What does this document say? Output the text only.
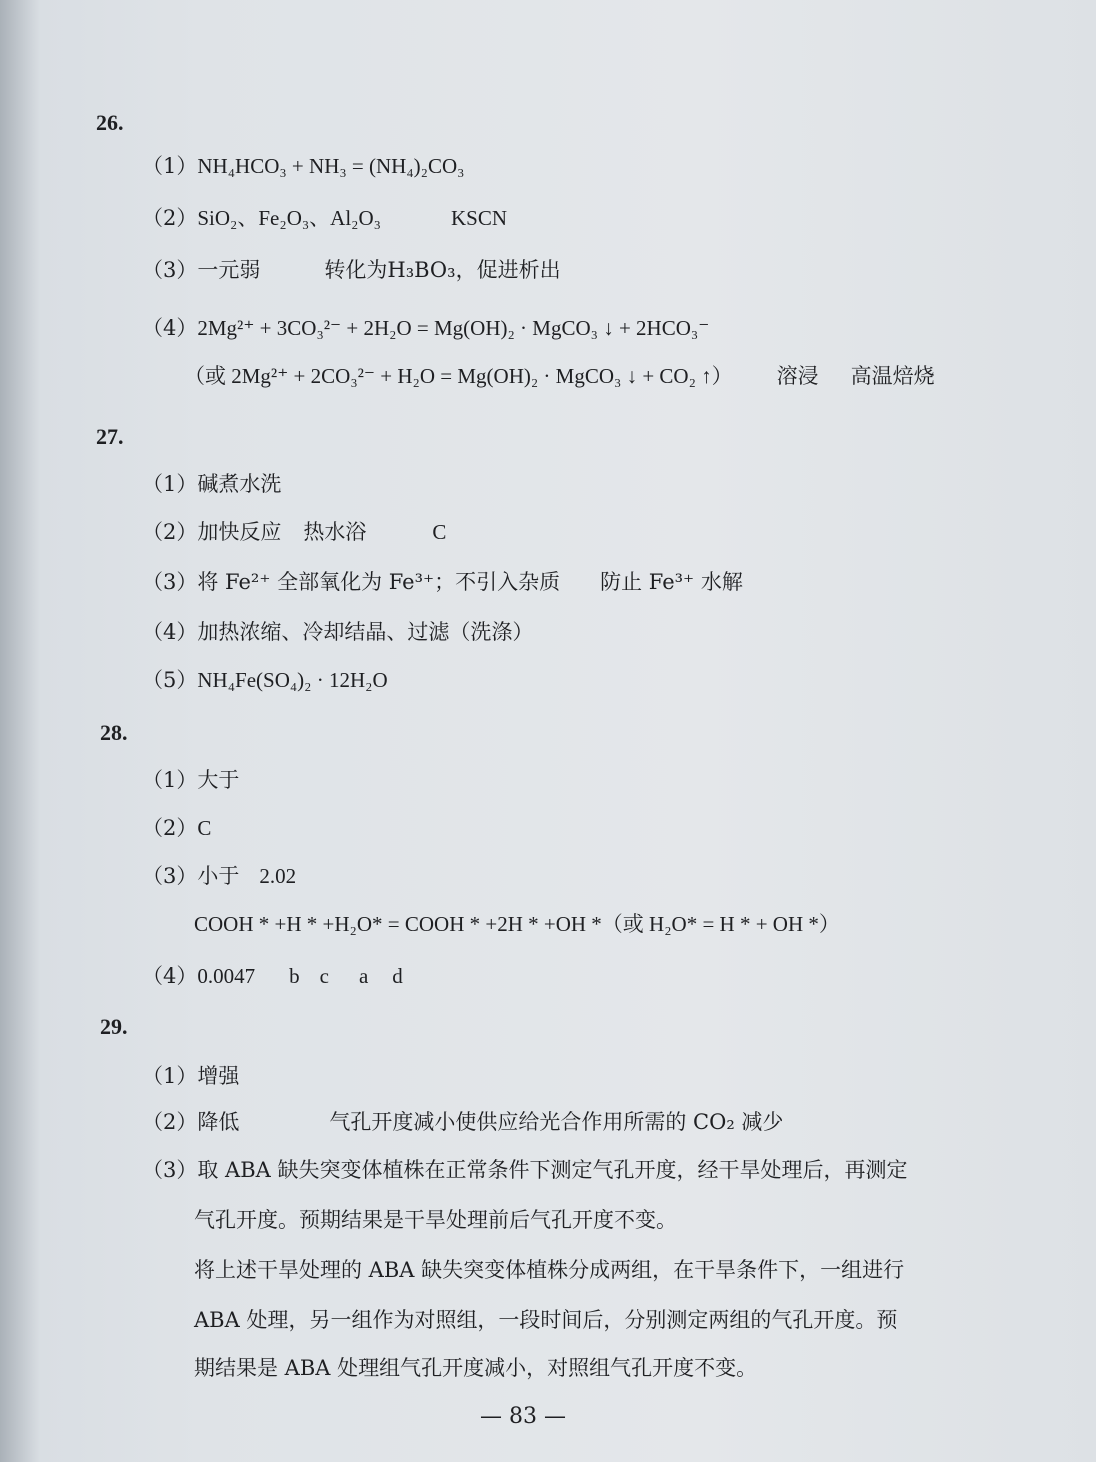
26.
（1）NH₄HCO₃ + NH₃ = (NH₄)₂CO₃
（2）SiO₂、Fe₂O₃、Al₂O₃	KSCN
（3）一元弱	转化为H₃BO₃，促进析出
（4）2Mg²⁺ + 3CO₃²⁻ + 2H₂O = Mg(OH)₂ · MgCO₃ ↓ + 2HCO₃⁻
（或 2Mg²⁺ + 2CO₃²⁻ + H₂O = Mg(OH)₂ · MgCO₃ ↓ + CO₂ ↑） 溶浸 高温焙烧
27.
（1）碱煮水洗
（2）加快反应 热水浴	C
（3）将 Fe²⁺ 全部氧化为 Fe³⁺；不引入杂质 防止 Fe³⁺ 水解
（4）加热浓缩、冷却结晶、过滤（洗涤）
（5）NH₄Fe(SO₄)₂ · 12H₂O
28.
（1）大于
（2）C
（3）小于 2.02
COOH * +H * +H₂O* = COOH * +2H * +OH *（或 H₂O* = H * + OH *）
（4）0.0047 b c a d
29.
（1）增强
（2）降低	气孔开度减小使供应给光合作用所需的 CO₂ 减少
（3）取 ABA 缺失突变体植株在正常条件下测定气孔开度，经干旱处理后，再测定
气孔开度。预期结果是干旱处理前后气孔开度不变。
将上述干旱处理的 ABA 缺失突变体植株分成两组，在干旱条件下，一组进行
ABA 处理，另一组作为对照组，一段时间后，分别测定两组的气孔开度。预
期结果是 ABA 处理组气孔开度减小，对照组气孔开度不变。
— 83 —
